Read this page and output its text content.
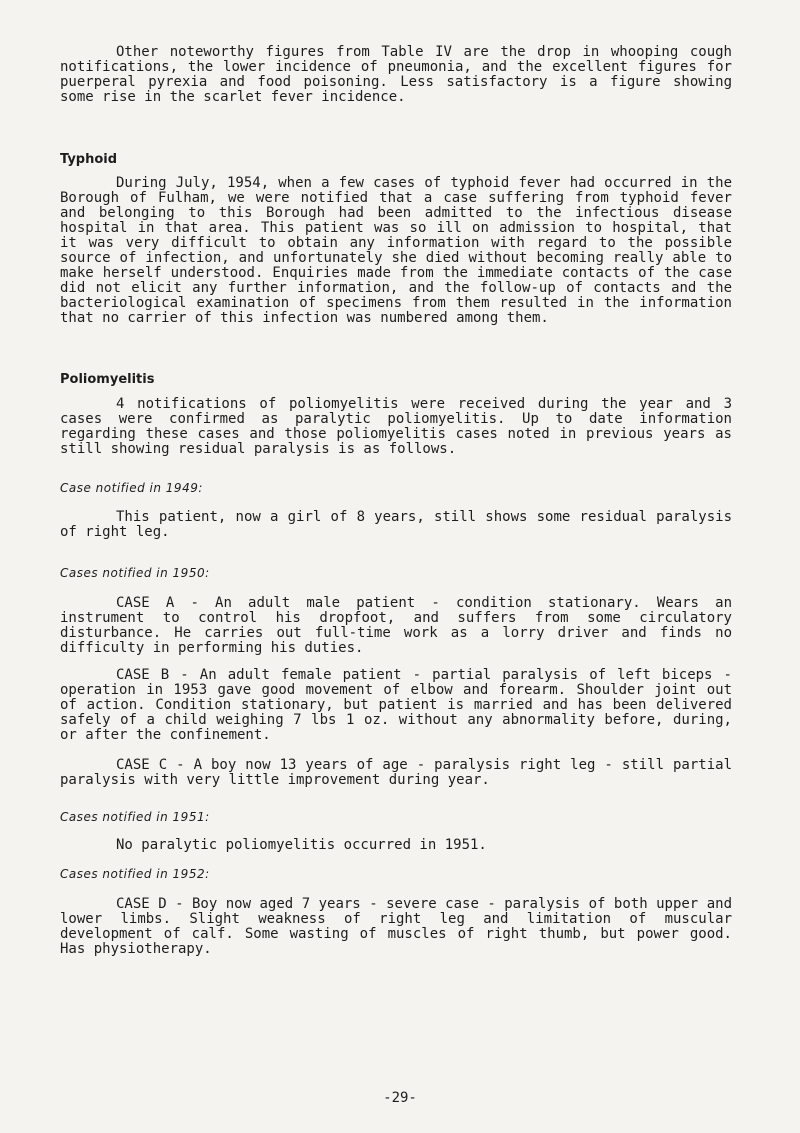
Other noteworthy figures from Table IV are the drop in whooping cough notifications, the lower incidence of pneumonia, and the excellent figures for puerperal pyrexia and food poisoning. Less satisfactory is a figure showing some rise in the scarlet fever incidence.

Typhoid

During July, 1954, when a few cases of typhoid fever had occurred in the Borough of Fulham, we were notified that a case suffering from typhoid fever and belonging to this Borough had been admitted to the infectious disease hospital in that area. This patient was so ill on admission to hospital, that it was very difficult to obtain any information with regard to the possible source of infection, and unfortunately she died without becoming really able to make herself understood. Enquiries made from the immediate contacts of the case did not elicit any further information, and the follow-up of contacts and the bacteriological examination of specimens from them resulted in the information that no carrier of this infection was numbered among them.

Poliomyelitis

4 notifications of poliomyelitis were received during the year and 3 cases were confirmed as paralytic poliomyelitis. Up to date information regarding these cases and those poliomyelitis cases noted in previous years as still showing residual paralysis is as follows.

Case notified in 1949:

This patient, now a girl of 8 years, still shows some residual paralysis of right leg.

Cases notified in 1950:

CASE A - An adult male patient - condition stationary. Wears an instrument to control his dropfoot, and suffers from some circulatory disturbance. He carries out full-time work as a lorry driver and finds no difficulty in performing his duties.

CASE B - An adult female patient - partial paralysis of left biceps - operation in 1953 gave good movement of elbow and forearm. Shoulder joint out of action. Condition stationary, but patient is married and has been delivered safely of a child weighing 7 lbs 1 oz. without any abnormality before, during, or after the confinement.

CASE C - A boy now 13 years of age - paralysis right leg - still partial paralysis with very little improvement during year.

Cases notified in 1951:

No paralytic poliomyelitis occurred in 1951.

Cases notified in 1952:

CASE D - Boy now aged 7 years - severe case - paralysis of both upper and lower limbs. Slight weakness of right leg and limitation of muscular development of calf. Some wasting of muscles of right thumb, but power good. Has physiotherapy.

-29-
